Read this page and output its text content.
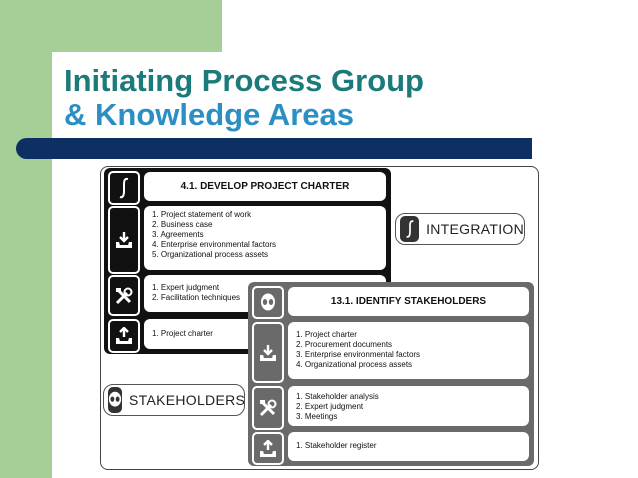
Initiating Process Group
& Knowledge Areas
4.1. DEVELOP PROJECT CHARTER
1. Project statement of work
2. Business case
3. Agreements
4. Enterprise environmental factors
5. Organizational process assets
1. Expert judgment
2. Facilitation techniques
1. Project charter
INTEGRATION
13.1. IDENTIFY STAKEHOLDERS
1. Project charter
2. Procurement documents
3. Enterprise environmental factors
4. Organizational process assets
1. Stakeholder analysis
2. Expert judgment
3. Meetings
1. Stakeholder register
STAKEHOLDERS
